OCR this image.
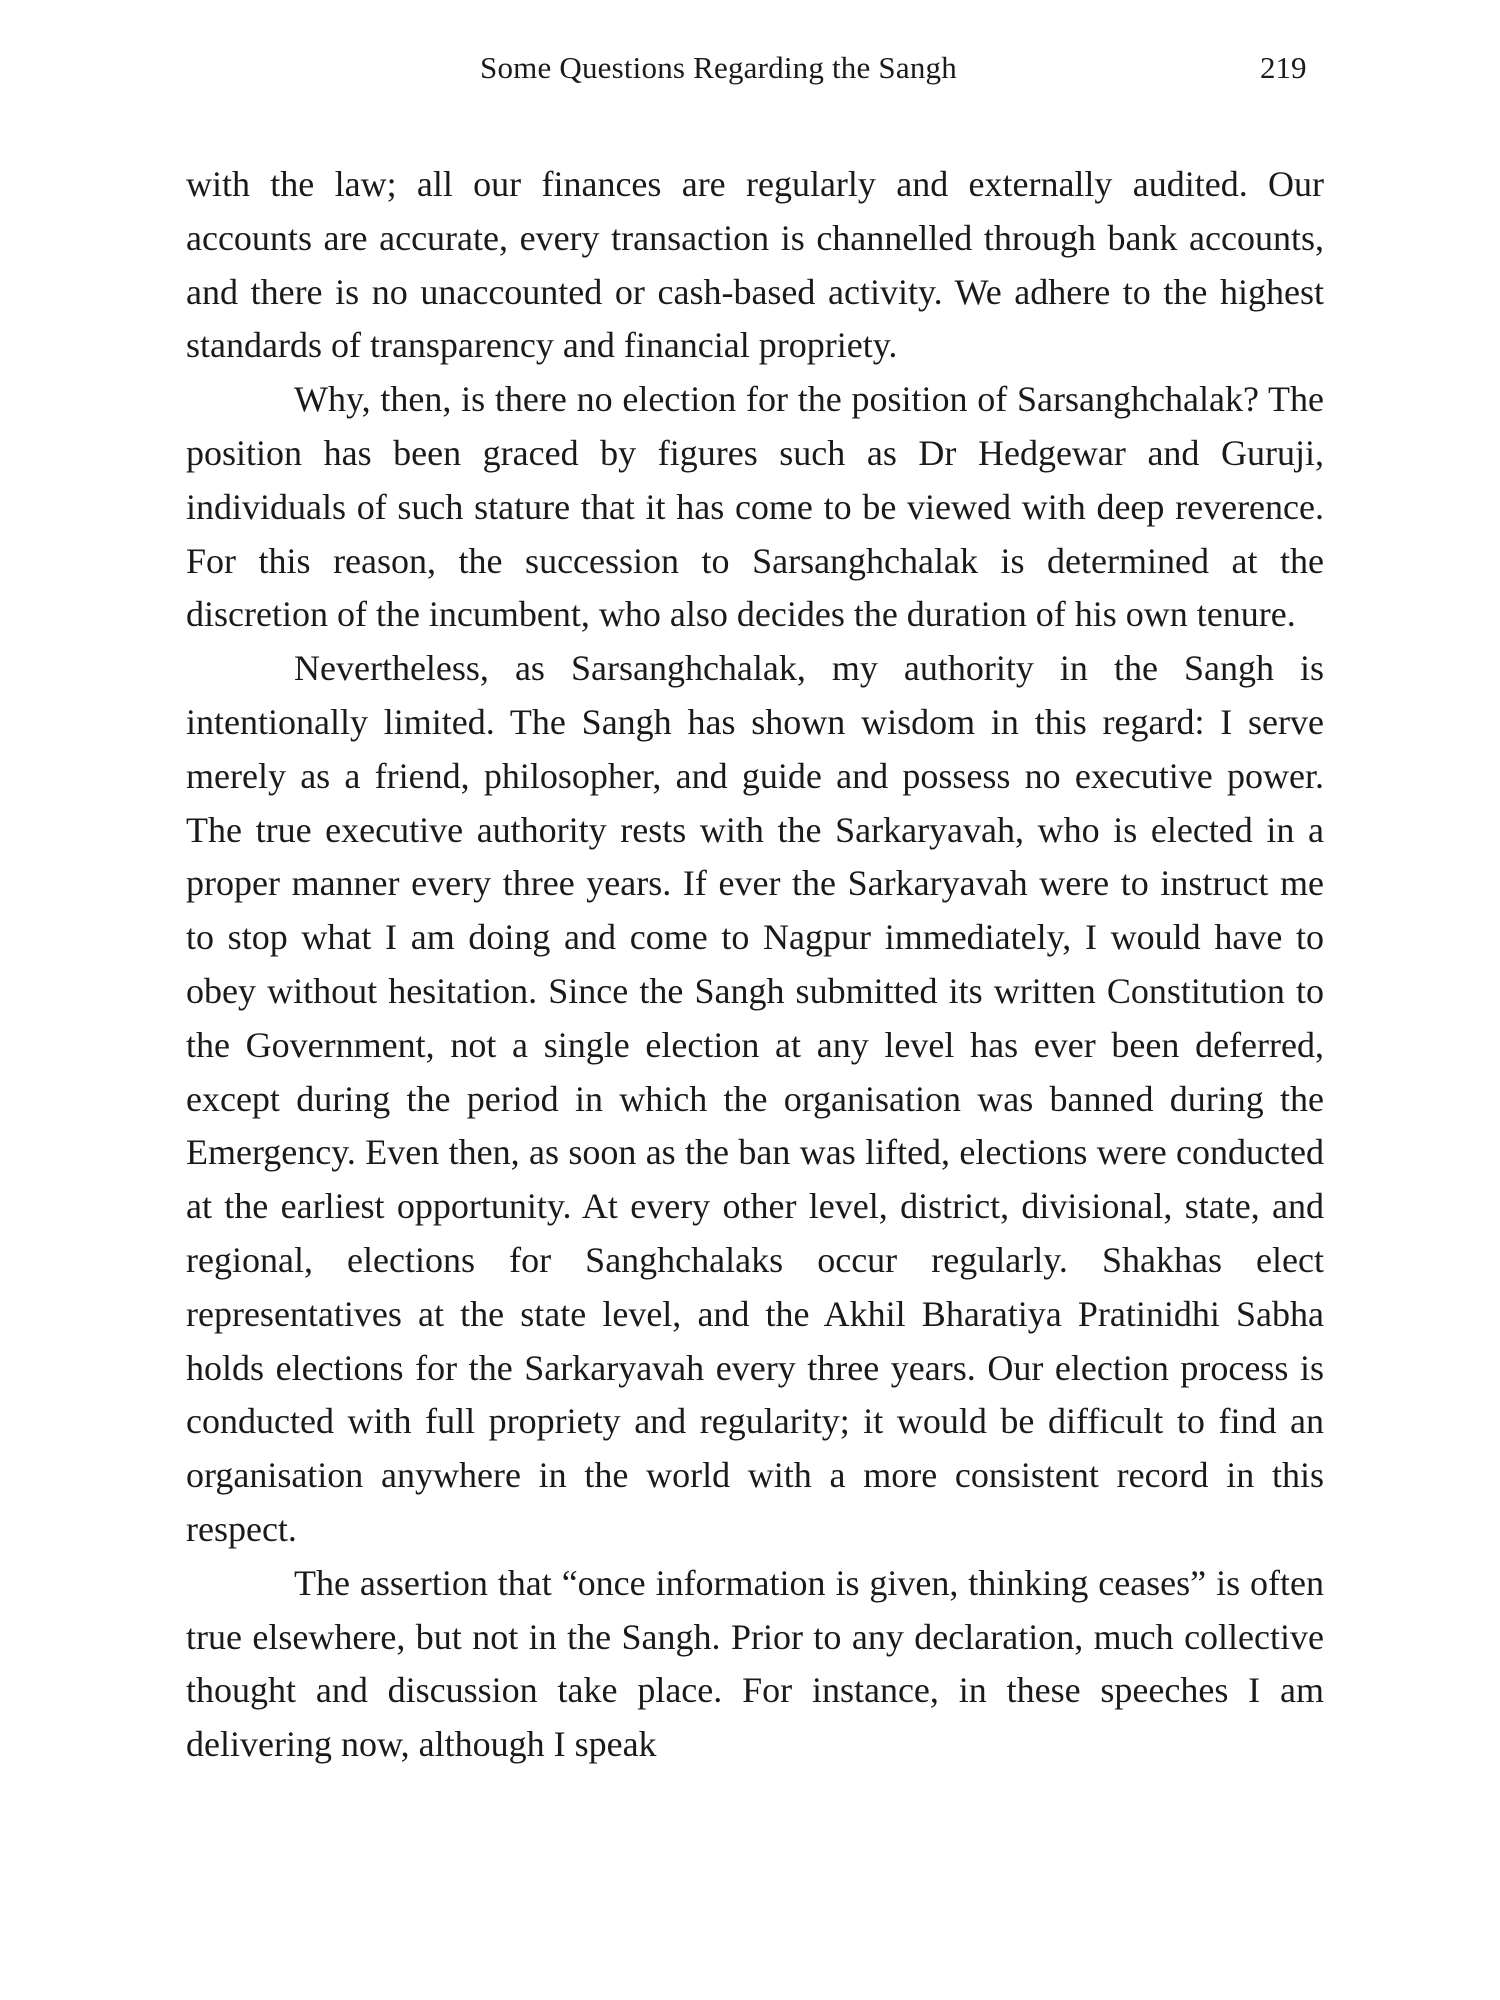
Some Questions Regarding the Sangh	219

with the law; all our finances are regularly and externally audited. Our accounts are accurate, every transaction is channelled through bank accounts, and there is no unaccounted or cash-based activity. We adhere to the highest standards of transparency and financial propriety.

Why, then, is there no election for the position of Sarsanghchalak? The position has been graced by figures such as Dr Hedgewar and Guruji, individuals of such stature that it has come to be viewed with deep reverence. For this reason, the succession to Sarsanghchalak is determined at the discretion of the incumbent, who also decides the duration of his own tenure.

Nevertheless, as Sarsanghchalak, my authority in the Sangh is intentionally limited. The Sangh has shown wisdom in this regard: I serve merely as a friend, philosopher, and guide and possess no executive power. The true executive authority rests with the Sarkaryavah, who is elected in a proper manner every three years. If ever the Sarkaryavah were to instruct me to stop what I am doing and come to Nagpur immediately, I would have to obey without hesitation. Since the Sangh submitted its written Constitution to the Government, not a single election at any level has ever been deferred, except during the period in which the organisation was banned during the Emergency. Even then, as soon as the ban was lifted, elections were conducted at the earliest opportunity. At every other level, district, divisional, state, and regional, elections for Sanghchalaks occur regularly. Shakhas elect representatives at the state level, and the Akhil Bharatiya Pratinidhi Sabha holds elections for the Sarkaryavah every three years. Our election process is conducted with full propriety and regularity; it would be difficult to find an organisation anywhere in the world with a more consistent record in this respect.

The assertion that “once information is given, thinking ceases” is often true elsewhere, but not in the Sangh. Prior to any declaration, much collective thought and discussion take place. For instance, in these speeches I am delivering now, although I speak
